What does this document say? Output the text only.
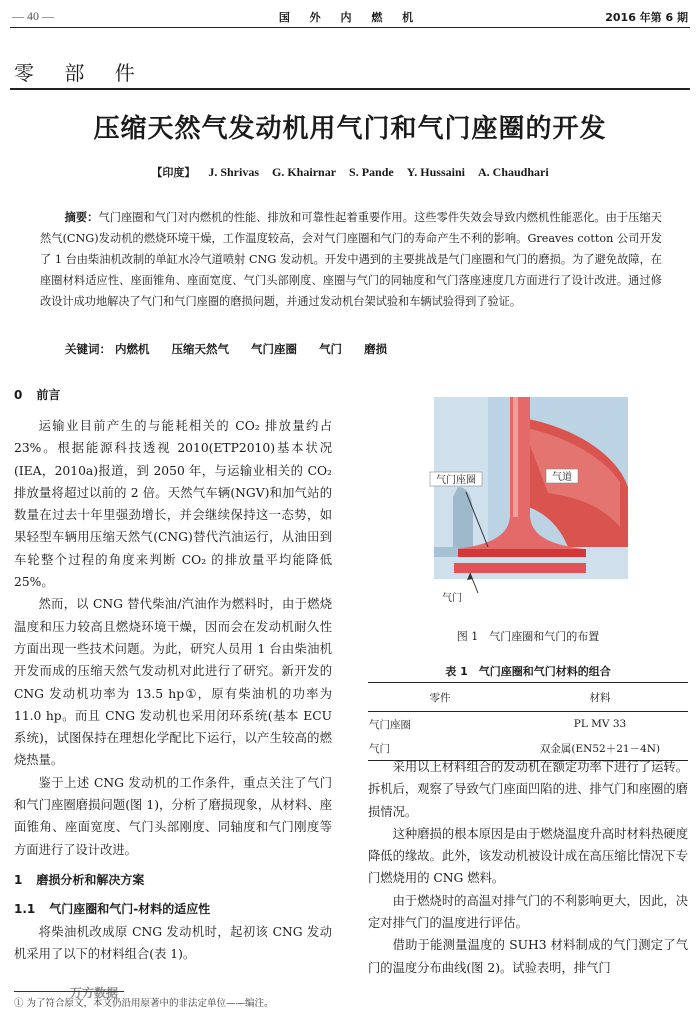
— 40 —	国 外 内 燃 机	2016 年第 6 期
零 部 件
压缩天然气发动机用气门和气门座圈的开发
【印度】 J. Shrivas G. Khairnar S. Pande Y. Hussaini A. Chaudhari
摘要：气门座圈和气门对内燃机的性能、排放和可靠性起着重要作用。这些零件失效会导致内燃机性能恶化。由于压缩天然气(CNG)发动机的燃烧环境干燥，工作温度较高，会对气门座圈和气门的寿命产生不利的影响。Greaves cotton 公司开发了 1 台由柴油机改制的单缸水冷气道喷射 CNG 发动机。开发中遇到的主要挑战是气门座圈和气门的磨损。为了避免故障，在座圈材料适应性、座面锥角、座面宽度、气门头部刚度、座圈与气门的同轴度和气门落座速度几方面进行了设计改进。通过修改设计成功地解决了气门和气门座圈的磨损问题，并通过发动机台架试验和车辆试验得到了验证。
关键词： 内燃机 压缩天然气 气门座圈 气门 磨损
0 前言

运输业目前产生的与能耗相关的 CO₂ 排放量约占 23%。根据能源科技透视 2010(ETP2010)基本状况(IEA，2010a)报道，到 2050 年，与运输业相关的 CO₂ 排放量将超过以前的 2 倍。天然气车辆(NGV)和加气站的数量在过去十年里强劲增长，并会继续保持这一态势，如果轻型车辆用压缩天然气(CNG)替代汽油运行，从油田到车轮整个过程的角度来判断 CO₂ 的排放量平均能降低 25%。

然而，以 CNG 替代柴油/汽油作为燃料时，由于燃烧温度和压力较高且燃烧环境干燥，因而会在发动机耐久性方面出现一些技术问题。为此，研究人员用 1 台由柴油机开发而成的压缩天然气发动机对此进行了研究。新开发的 CNG 发动机功率为 13.5 hp①，原有柴油机的功率为 11.0 hp。而且 CNG 发动机也采用闭环系统(基本 ECU 系统)，试图保持在理想化学配比下运行，以产生较高的燃烧热量。

鉴于上述 CNG 发动机的工作条件，重点关注了气门和气门座圈磨损问题(图 1)，分析了磨损现象，从材料、座面锥角、座面宽度、气门头部刚度、同轴度和气门刚度等方面进行了设计改进。

1 磨损分析和解决方案
1.1 气门座圈和气门-材料的适应性

将柴油机改成原 CNG 发动机时，起初该 CNG 发动机采用了以下的材料组合(表 1)。

气门座圈	气道
气门
图 1　气门座圈和气门的布置
表 1　气门座圈和气门材料的组合
零件	材料
气门座圈	PL MV 33
气门	双金属(EN52＋21－4N)

采用以上材料组合的发动机在额定功率下进行了运转。拆机后，观察了导致气门座面凹陷的进、排气门和座圈的磨损情况。

这种磨损的根本原因是由于燃烧温度升高时材料热硬度降低的缘故。此外，该发动机被设计成在高压缩比情况下专门燃烧用的 CNG 燃料。

由于燃烧时的高温对排气门的不利影响更大，因此，决定对排气门的温度进行评估。

借助于能测量温度的 SUH3 材料制成的气门测定了气门的温度分布曲线(图 2)。试验表明，排气门

万方数据
① 为了符合原文，本文仍沿用原著中的非法定单位——编注。
